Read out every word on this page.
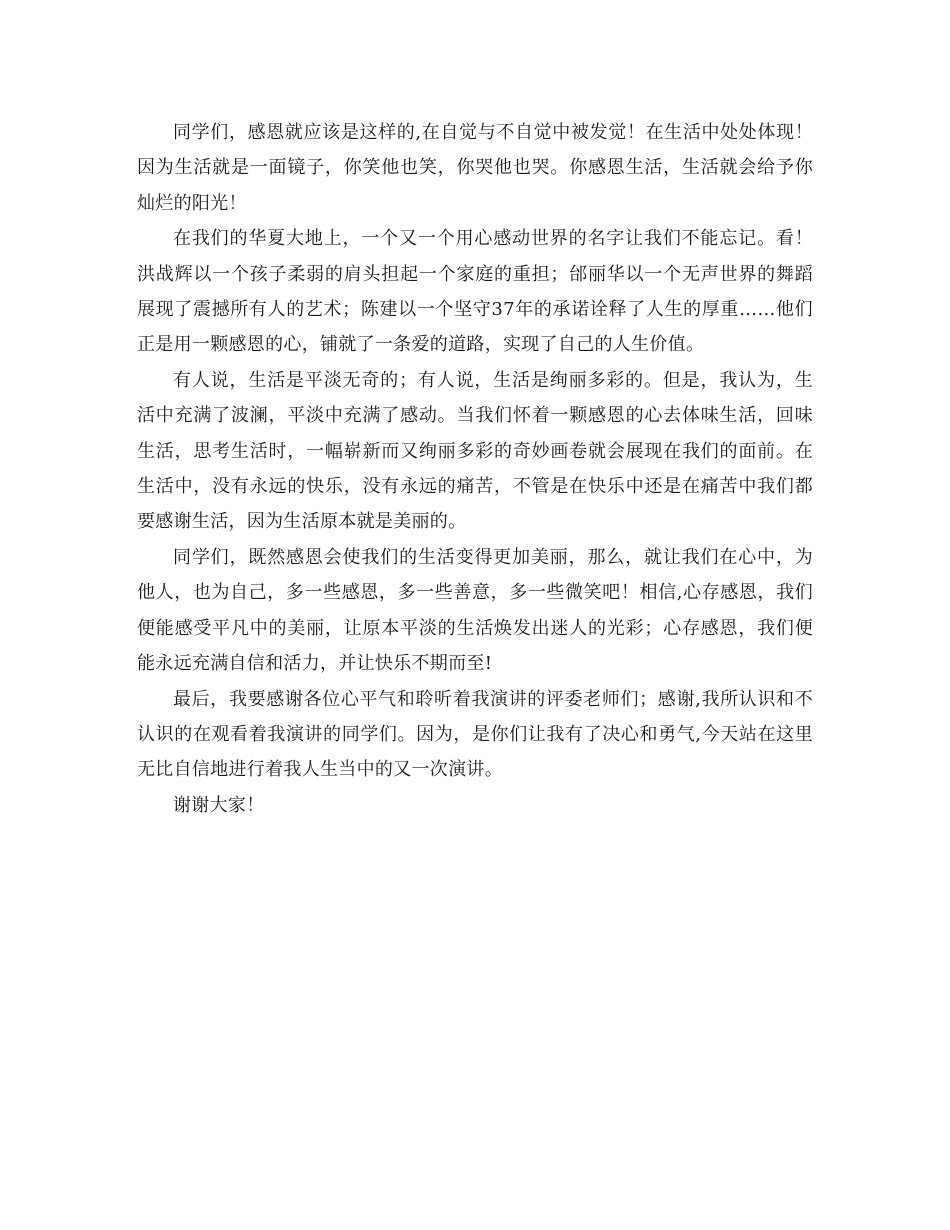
同学们，感恩就应该是这样的,在自觉与不自觉中被发觉！在生活中处处体现！因为生活就是一面镜子，你笑他也笑，你哭他也哭。你感恩生活，生活就会给予你灿烂的阳光！

在我们的华夏大地上，一个又一个用心感动世界的名字让我们不能忘记。看！洪战辉以一个孩子柔弱的肩头担起一个家庭的重担；邰丽华以一个无声世界的舞蹈展现了震撼所有人的艺术；陈建以一个坚守37年的承诺诠释了人生的厚重……他们正是用一颗感恩的心，铺就了一条爱的道路，实现了自己的人生价值。

有人说，生活是平淡无奇的；有人说，生活是绚丽多彩的。但是，我认为，生活中充满了波澜，平淡中充满了感动。当我们怀着一颗感恩的心去体味生活，回味生活，思考生活时，一幅崭新而又绚丽多彩的奇妙画卷就会展现在我们的面前。在生活中，没有永远的快乐，没有永远的痛苦，不管是在快乐中还是在痛苦中我们都要感谢生活，因为生活原本就是美丽的。

同学们，既然感恩会使我们的生活变得更加美丽，那么，就让我们在心中，为他人，也为自己，多一些感恩，多一些善意，多一些微笑吧！相信,心存感恩，我们便能感受平凡中的美丽，让原本平淡的生活焕发出迷人的光彩；心存感恩，我们便能永远充满自信和活力，并让快乐不期而至!

最后，我要感谢各位心平气和聆听着我演讲的评委老师们；感谢,我所认识和不认识的在观看着我演讲的同学们。因为，是你们让我有了决心和勇气,今天站在这里无比自信地进行着我人生当中的又一次演讲。

谢谢大家！
